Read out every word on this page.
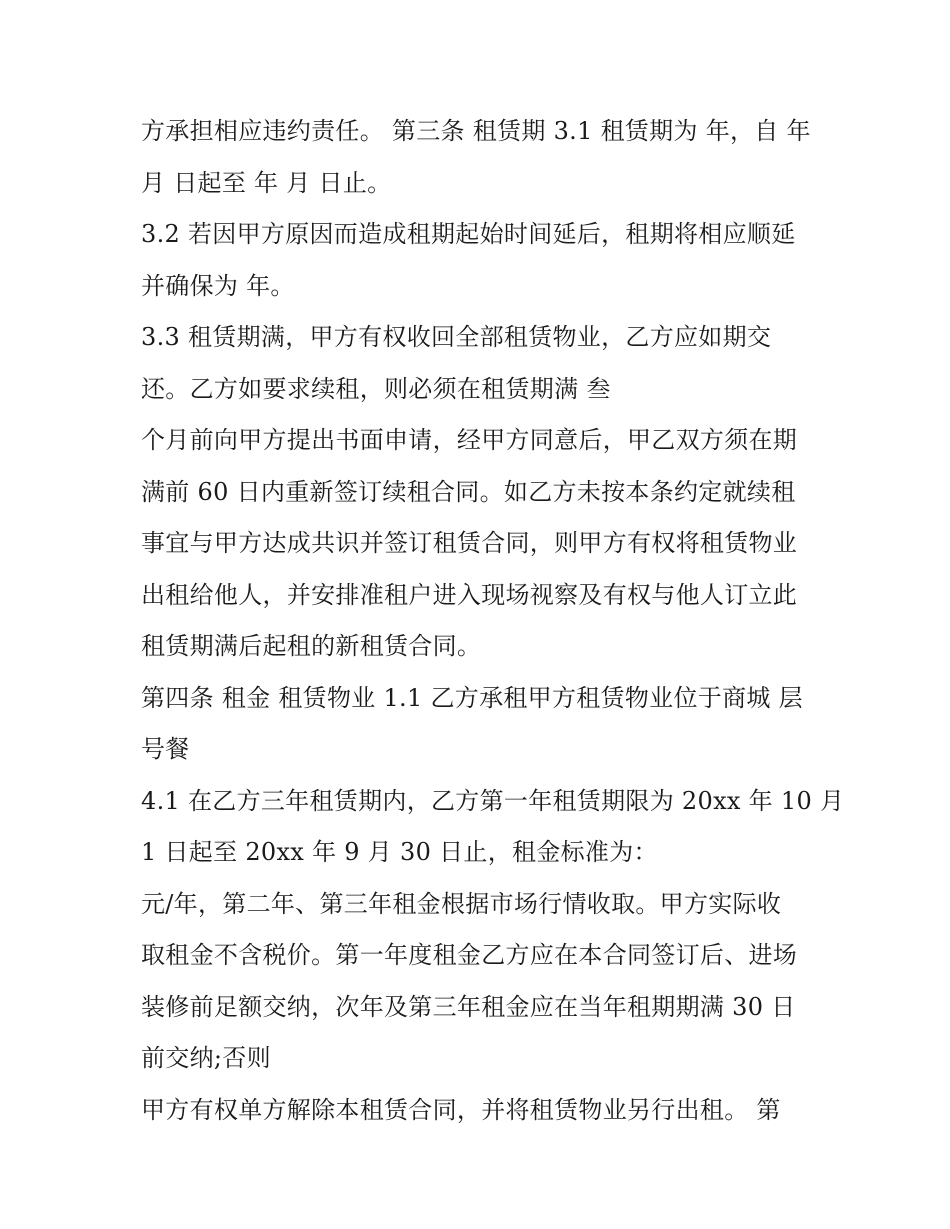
方承担相应违约责任。 第三条 租赁期 3.1 租赁期为 年，自 年

月 日起至 年 月 日止。

3.2 若因甲方原因而造成租期起始时间延后，租期将相应顺延

并确保为 年。

3.3 租赁期满，甲方有权收回全部租赁物业，乙方应如期交

还。乙方如要求续租，则必须在租赁期满 叁

个月前向甲方提出书面申请，经甲方同意后，甲乙双方须在期

满前 60 日内重新签订续租合同。如乙方未按本条约定就续租

事宜与甲方达成共识并签订租赁合同，则甲方有权将租赁物业

出租给他人，并安排准租户进入现场视察及有权与他人订立此

租赁期满后起租的新租赁合同。

第四条 租金 租赁物业 1.1 乙方承租甲方租赁物业位于商城 层

号餐

4.1 在乙方三年租赁期内，乙方第一年租赁期限为 20xx 年 10 月

1 日起至 20xx 年 9 月 30 日止，租金标准为：

元/年，第二年、第三年租金根据市场行情收取。甲方实际收

取租金不含税价。第一年度租金乙方应在本合同签订后、进场

装修前足额交纳，次年及第三年租金应在当年租期期满 30 日

前交纳;否则

甲方有权单方解除本租赁合同，并将租赁物业另行出租。 第
